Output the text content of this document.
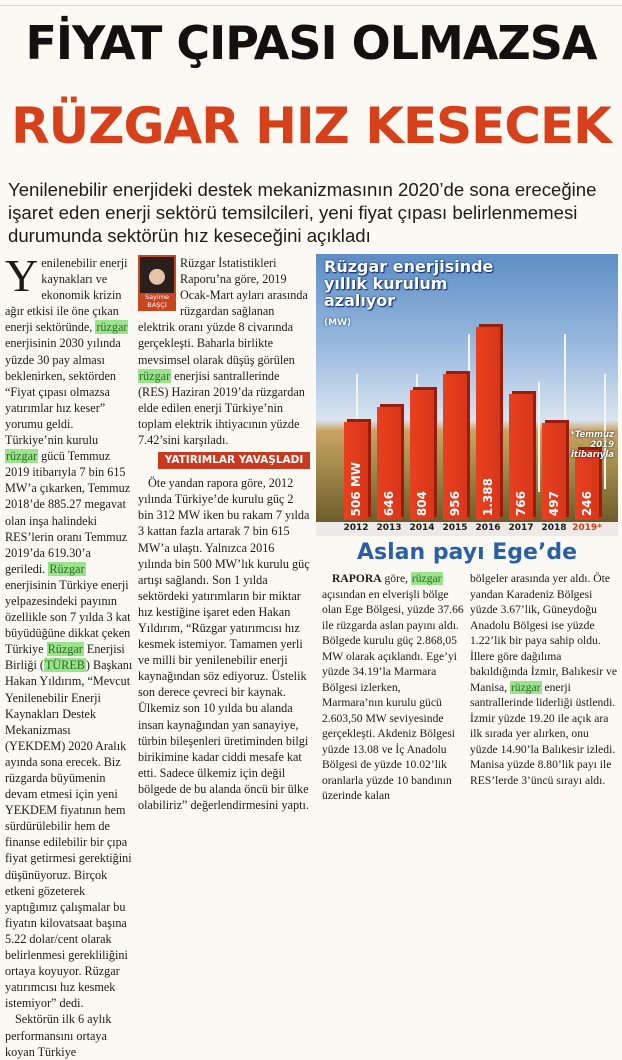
FİYAT ÇIPASI OLMAZSA
RÜZGAR HIZ KESECEK
Yenilenebilir enerjideki destek mekanizmasının 2020’de sona ereceğine işaret eden enerji sektörü temsilcileri, yeni fiyat çıpası belirlenmemesi durumunda sektörün hız keseceğini açıkladı

Yenilenebilir enerji kaynakları ve ekonomik krizin ağır etkisi ile öne çıkan enerji sektöründe, rüzgar enerjisinin 2030 yılında yüzde 30 pay alması beklenirken, sektörden “Fiyat çıpası olmazsa yatırımlar hız keser” yorumu geldi. Türkiye’nin kurulu rüzgar gücü Temmuz 2019 itibarıyla 7 bin 615 MW’a çıkarken, Temmuz 2018’de 885.27 megavat olan inşa halindeki RES’lerin oranı Temmuz 2019’da 619.30’a geriledi. Rüzgar enerjisinin Türkiye enerji yelpazesindeki payının özellikle son 7 yılda 3 kat büyüdüğüne dikkat çeken Türkiye Rüzgar Enerjisi Birliği (TÜREB) Başkanı Hakan Yıldırım, “Mevcut Yenilenebilir Enerji Kaynakları Destek Mekanizması (YEKDEM) 2020 Aralık ayında sona erecek. Biz rüzgarda büyümenin devam etmesi için yeni YEKDEM fiyatının hem sürdürülebilir hem de finanse edilebilir bir çıpa fiyat getirmesi gerektiğini düşünüyoruz. Birçok etkeni gözeterek yaptığımız çalışmalar bu fiyatın kilovatsaat başına 5.22 dolar/cent olarak belirlenmesi gerekliliğini ortaya koyuyor. Rüzgar yatırımcısı hız kesmek istemiyor” dedi.

Sektörün ilk 6 aylık performansını ortaya koyan Türkiye

Sayime
BAŞÇI

Rüzgar İstatistikleri Raporu’na göre, 2019 Ocak-Mart ayları arasında rüzgardan sağlanan elektrik oranı yüzde 8 civarında gerçekleşti. Baharla birlikte mevsimsel olarak düşüş görülen rüzgar enerjisi santrallerinde (RES) Haziran 2019’da rüzgardan elde edilen enerji Türkiye’nin toplam elektrik ihtiyacının yüzde 7.42’sini karşıladı.

YATIRIMLAR YAVAŞLADI

Öte yandan rapora göre, 2012 yılında Türkiye’de kurulu güç 2 bin 312 MW iken bu rakam 7 yılda 3 kattan fazla artarak 7 bin 615 MW’a ulaştı. Yalnızca 2016 yılında bin 500 MW’lık kurulu güç artışı sağlandı. Son 1 yılda sektördeki yatırımların bir miktar hız kestiğine işaret eden Hakan Yıldırım, “Rüzgar yatırımcısı hız kesmek istemiyor. Tamamen yerli ve milli bir yenilenebilir enerji kaynağından söz ediyoruz. Üstelik son derece çevreci bir kaynak. Ülkemiz son 10 yılda bu alanda insan kaynağından yan sanayiye, türbin bileşenleri üretiminden bilgi birikimine kadar ciddi mesafe kat etti. Sadece ülkemiz için değil bölgede de bu alanda öncü bir ülke olabiliriz” değerlendirmesini yaptı.

Rüzgar enerjisinde yıllık kurulum azalıyor
(MW)
506 MW	646	804	956	1.388	766	497	246
*Temmuz 2019 itibarıyla
2012 2013 2014 2015 2016 2017 2018 2019*
Aslan payı Ege’de

RAPORA göre, rüzgar açısından en elverişli bölge olan Ege Bölgesi, yüzde 37.66 ile rüzgarda aslan payını aldı. Bölgede kurulu güç 2.868,05 MW olarak açıklandı. Ege’yi yüzde 34.19’la Marmara Bölgesi izlerken, Marmara’nın kurulu gücü 2.603,50 MW seviyesinde gerçekleşti. Akdeniz Bölgesi yüzde 13.08 ve İç Anadolu Bölgesi de yüzde 10.02’lik oranlarla yüzde 10 bandının üzerinde kalan

bölgeler arasında yer aldı. Öte yandan Karadeniz Bölgesi yüzde 3.67’lik, Güneydoğu Anadolu Bölgesi ise yüzde 1.22’lik bir paya sahip oldu. İllere göre dağılıma bakıldığında İzmir, Balıkesir ve Manisa, rüzgar enerji santrallerinde liderliği üstlendi. İzmir yüzde 19.20 ile açık ara ilk sırada yer alırken, onu yüzde 14.90’la Balıkesir izledi. Manisa yüzde 8.80’lik payı ile RES’lerde 3’üncü sırayı aldı.
